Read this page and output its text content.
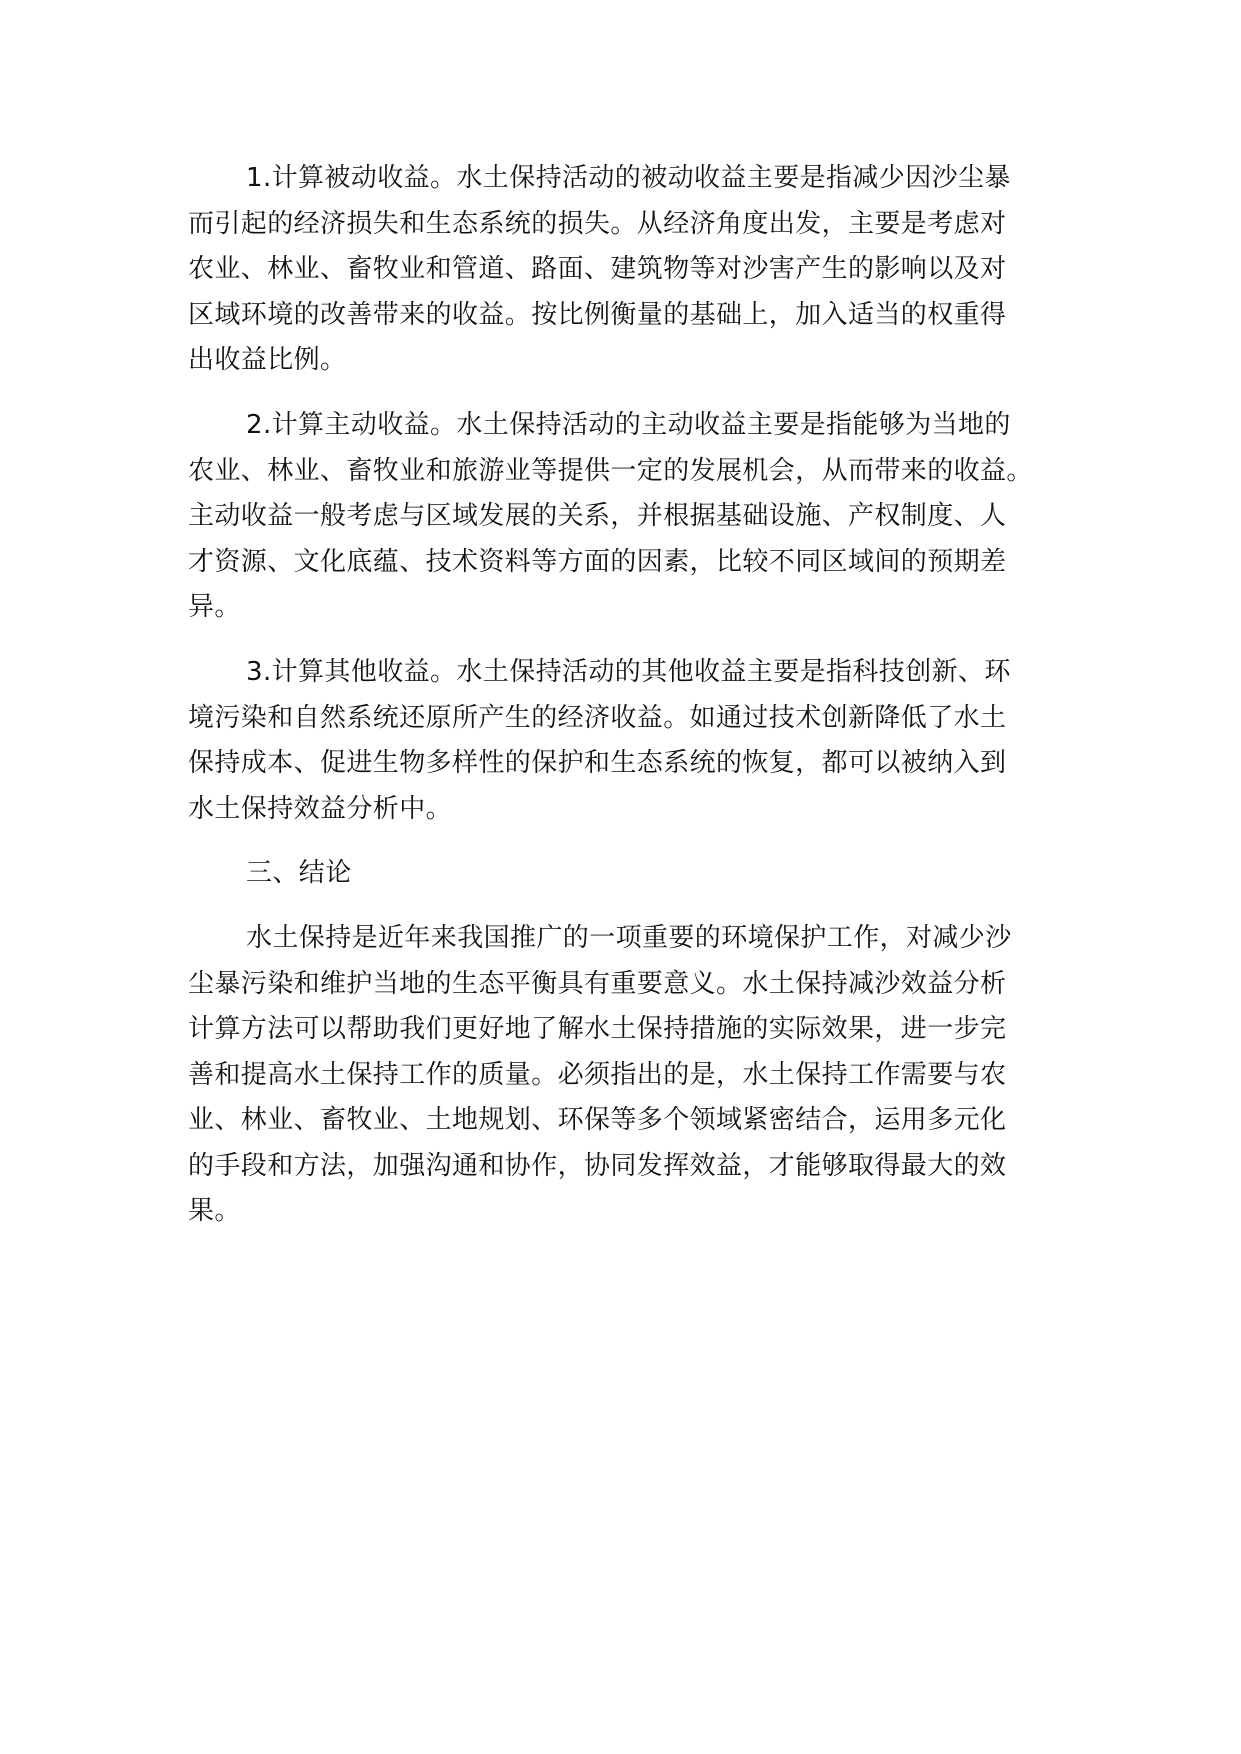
1.计算被动收益。水土保持活动的被动收益主要是指减少因沙尘暴
而引起的经济损失和生态系统的损失。从经济角度出发，主要是考虑对
农业、林业、畜牧业和管道、路面、建筑物等对沙害产生的影响以及对
区域环境的改善带来的收益。按比例衡量的基础上，加入适当的权重得
出收益比例。
2.计算主动收益。水土保持活动的主动收益主要是指能够为当地的
农业、林业、畜牧业和旅游业等提供一定的发展机会，从而带来的收益。
主动收益一般考虑与区域发展的关系，并根据基础设施、产权制度、人
才资源、文化底蕴、技术资料等方面的因素，比较不同区域间的预期差
异。
3.计算其他收益。水土保持活动的其他收益主要是指科技创新、环
境污染和自然系统还原所产生的经济收益。如通过技术创新降低了水土
保持成本、促进生物多样性的保护和生态系统的恢复，都可以被纳入到
水土保持效益分析中。
三、结论
水土保持是近年来我国推广的一项重要的环境保护工作，对减少沙
尘暴污染和维护当地的生态平衡具有重要意义。水土保持减沙效益分析
计算方法可以帮助我们更好地了解水土保持措施的实际效果，进一步完
善和提高水土保持工作的质量。必须指出的是，水土保持工作需要与农
业、林业、畜牧业、土地规划、环保等多个领域紧密结合，运用多元化
的手段和方法，加强沟通和协作，协同发挥效益，才能够取得最大的效
果。
